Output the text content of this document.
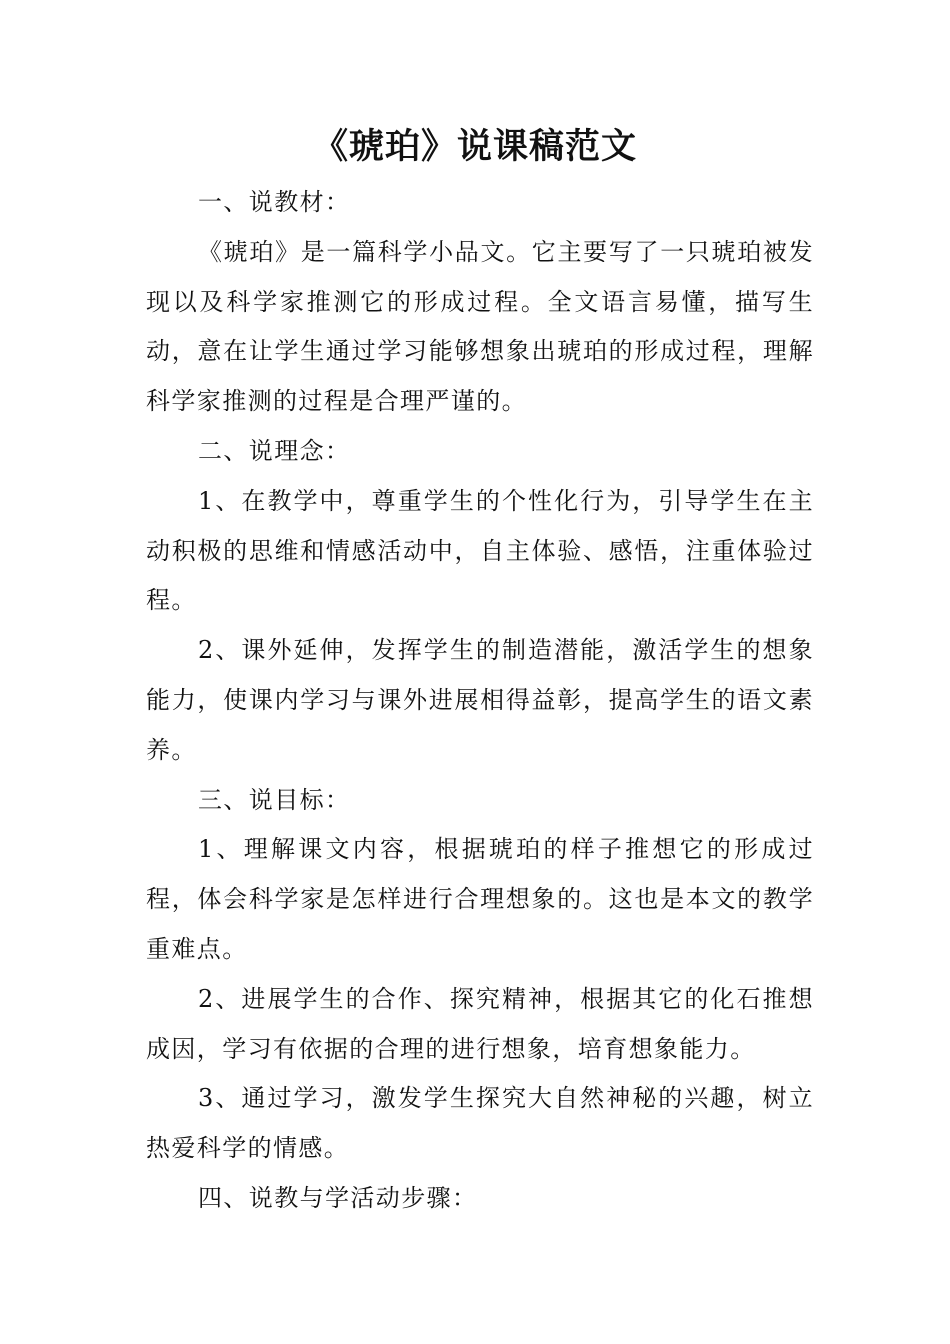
《琥珀》说课稿范文

一、说教材：

《琥珀》是一篇科学小品文。它主要写了一只琥珀被发现以及科学家推测它的形成过程。全文语言易懂，描写生动，意在让学生通过学习能够想象出琥珀的形成过程，理解科学家推测的过程是合理严谨的。

二、说理念：

1、在教学中，尊重学生的个性化行为，引导学生在主动积极的思维和情感活动中，自主体验、感悟，注重体验过程。

2、课外延伸，发挥学生的制造潜能，激活学生的想象能力，使课内学习与课外进展相得益彰，提高学生的语文素养。

三、说目标：

1、理解课文内容，根据琥珀的样子推想它的形成过程，体会科学家是怎样进行合理想象的。这也是本文的教学重难点。

2、进展学生的合作、探究精神，根据其它的化石推想成因，学习有依据的合理的进行想象，培育想象能力。

3、通过学习，激发学生探究大自然神秘的兴趣，树立热爱科学的情感。

四、说教与学活动步骤：
